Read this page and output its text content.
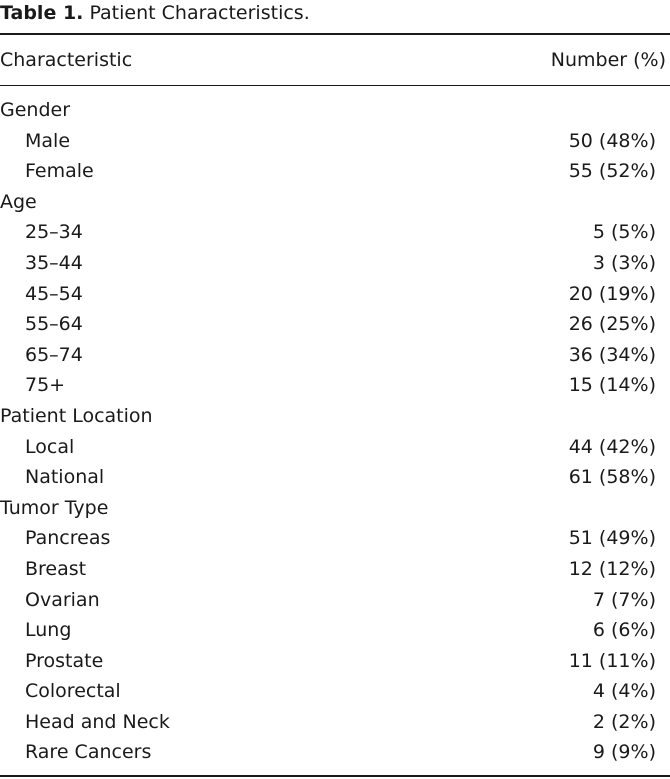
Table 1. Patient Characteristics.
Characteristic	Number (%)
Gender
Male	50 (48%)
Female	55 (52%)
Age
25–34	5 (5%)
35–44	3 (3%)
45–54	20 (19%)
55–64	26 (25%)
65–74	36 (34%)
75+	15 (14%)
Patient Location
Local	44 (42%)
National	61 (58%)
Tumor Type
Pancreas	51 (49%)
Breast	12 (12%)
Ovarian	7 (7%)
Lung	6 (6%)
Prostate	11 (11%)
Colorectal	4 (4%)
Head and Neck	2 (2%)
Rare Cancers	9 (9%)
